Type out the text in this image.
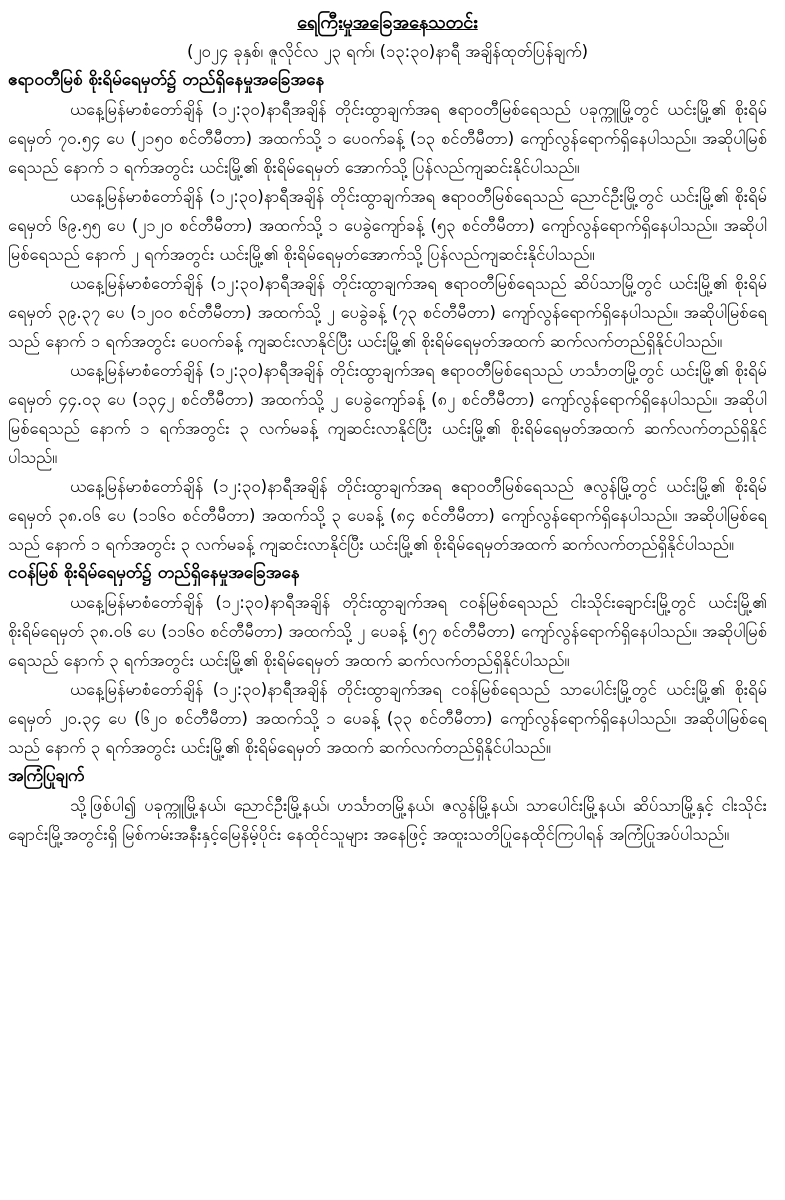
ရေကြီးမှုအခြေအနေသတင်း

(၂၀၂၄ ခုနှစ်၊ ဇူလိုင်လ ၂၃ ရက်၊ (၁၃:၃၀)နာရီ အချိန်ထုတ်ပြန်ချက်)

ဧရာဝတီမြစ် စိုးရိမ်ရေမှတ်၌ တည်ရှိနေမှုအခြေအနေ

ယနေ့မြန်မာစံတော်ချိန် (၁၂:၃၀)နာရီအချိန် တိုင်းထွာချက်အရ ဧရာဝတီမြစ်ရေသည် ပခုက္ကူမြို့တွင် ယင်းမြို့၏ စိုးရိမ်ရေမှတ် ၇၀.၅၄ ပေ (၂၁၅၀ စင်တီမီတာ) အထက်သို့ ၁ ပေ၀က်ခန့် (၁၃ စင်တီမီတာ) ကျော်လွန်ရောက်ရှိနေပါသည်။ အဆိုပါမြစ်ရေသည် နောက် ၁ ရက်အတွင်း ယင်းမြို့၏ စိုးရိမ်ရေမှတ် အောက်သို့ ပြန်လည်ကျဆင်းနိုင်ပါသည်။

ယနေ့မြန်မာစံတော်ချိန် (၁၂:၃၀)နာရီအချိန် တိုင်းထွာချက်အရ ဧရာဝတီမြစ်ရေသည် ညောင်ဦးမြို့တွင် ယင်းမြို့၏ စိုးရိမ်ရေမှတ် ၆၉.၅၅ ပေ (၂၁၂၀ စင်တီမီတာ) အထက်သို့ ၁ ပေခွဲကျော်ခန့် (၅၃ စင်တီမီတာ) ကျော်လွန်ရောက်ရှိနေပါသည်။ အဆိုပါမြစ်ရေသည် နောက် ၂ ရက်အတွင်း ယင်းမြို့၏ စိုးရိမ်ရေမှတ်အောက်သို့ ပြန်လည်ကျဆင်းနိုင်ပါသည်။

ယနေ့မြန်မာစံတော်ချိန် (၁၂:၃၀)နာရီအချိန် တိုင်းထွာချက်အရ ဧရာဝတီမြစ်ရေသည် ဆိပ်သာမြို့တွင် ယင်းမြို့၏ စိုးရိမ်ရေမှတ် ၃၉.၃၇ ပေ (၁၂၀၀ စင်တီမီတာ) အထက်သို့ ၂ ပေခွဲခန့် (၇၃ စင်တီမီတာ) ကျော်လွန်ရောက်ရှိနေပါသည်။ အဆိုပါမြစ်ရေသည် နောက် ၁ ရက်အတွင်း ပေ၀က်ခန့် ကျဆင်းလာနိုင်ပြီး ယင်းမြို့၏ စိုးရိမ်ရေမှတ်အထက် ဆက်လက်တည်ရှိနိုင်ပါသည်။

ယနေ့မြန်မာစံတော်ချိန် (၁၂:၃၀)နာရီအချိန် တိုင်းထွာချက်အရ ဧရာဝတီမြစ်ရေသည် ဟင်္သာတမြို့တွင် ယင်းမြို့၏ စိုးရိမ်ရေမှတ် ၄၄.၀၃ ပေ (၁၃၄၂ စင်တီမီတာ) အထက်သို့ ၂ ပေခွဲကျော်ခန့် (၈၂ စင်တီမီတာ) ကျော်လွန်ရောက်ရှိနေပါသည်။ အဆိုပါမြစ်ရေသည် နောက် ၁ ရက်အတွင်း ၃ လက်မခန့် ကျဆင်းလာနိုင်ပြီး ယင်းမြို့၏ စိုးရိမ်ရေမှတ်အထက် ဆက်လက်တည်ရှိနိုင်ပါသည်။

ယနေ့မြန်မာစံတော်ချိန် (၁၂:၃၀)နာရီအချိန် တိုင်းထွာချက်အရ ဧရာဝတီမြစ်ရေသည် ဇလွန်မြို့တွင် ယင်းမြို့၏ စိုးရိမ်ရေမှတ် ၃၈.၀၆ ပေ (၁၁၆၀ စင်တီမီတာ) အထက်သို့ ၃ ပေခန့် (၈၄ စင်တီမီတာ) ကျော်လွန်ရောက်ရှိနေပါသည်။ အဆိုပါမြစ်ရေသည် နောက် ၁ ရက်အတွင်း ၃ လက်မခန့် ကျဆင်းလာနိုင်ပြီး ယင်းမြို့၏ စိုးရိမ်ရေမှတ်အထက် ဆက်လက်တည်ရှိနိုင်ပါသည်။

ငဝန်မြစ် စိုးရိမ်ရေမှတ်၌ တည်ရှိနေမှုအခြေအနေ

ယနေ့မြန်မာစံတော်ချိန် (၁၂:၃၀)နာရီအချိန် တိုင်းထွာချက်အရ ငဝန်မြစ်ရေသည် ငါးသိုင်းချောင်းမြို့တွင် ယင်းမြို့၏ စိုးရိမ်ရေမှတ် ၃၈.၀၆ ပေ (၁၁၆၀ စင်တီမီတာ) အထက်သို့ ၂ ပေခန့် (၅၇ စင်တီမီတာ) ကျော်လွန်ရောက်ရှိနေပါသည်။ အဆိုပါမြစ်ရေသည် နောက် ၃ ရက်အတွင်း ယင်းမြို့၏ စိုးရိမ်ရေမှတ် အထက် ဆက်လက်တည်ရှိနိုင်ပါသည်။

ယနေ့မြန်မာစံတော်ချိန် (၁၂:၃၀)နာရီအချိန် တိုင်းထွာချက်အရ ငဝန်မြစ်ရေသည် သာပေါင်းမြို့တွင် ယင်းမြို့၏ စိုးရိမ်ရေမှတ် ၂၀.၃၄ ပေ (၆၂၀ စင်တီမီတာ) အထက်သို့ ၁ ပေခန့် (၃၃ စင်တီမီတာ) ကျော်လွန်ရောက်ရှိနေပါသည်။ အဆိုပါမြစ်ရေသည် နောက် ၃ ရက်အတွင်း ယင်းမြို့၏ စိုးရိမ်ရေမှတ် အထက် ဆက်လက်တည်ရှိနိုင်ပါသည်။

အကြံပြုချက်

သို့ဖြစ်ပါ၍ ပခုက္ကူမြို့နယ်၊ ညောင်ဦးမြို့နယ်၊ ဟင်္သာတမြို့နယ်၊ ဇလွန်မြို့နယ်၊ သာပေါင်းမြို့နယ်၊ ဆိပ်သာမြို့နှင့် ငါးသိုင်းချောင်းမြို့အတွင်းရှိ မြစ်ကမ်းအနီးနှင့်မြေနိမ့်ပိုင်း နေထိုင်သူများ အနေဖြင့် အထူးသတိပြုနေထိုင်ကြပါရန် အကြံပြုအပ်ပါသည်။
